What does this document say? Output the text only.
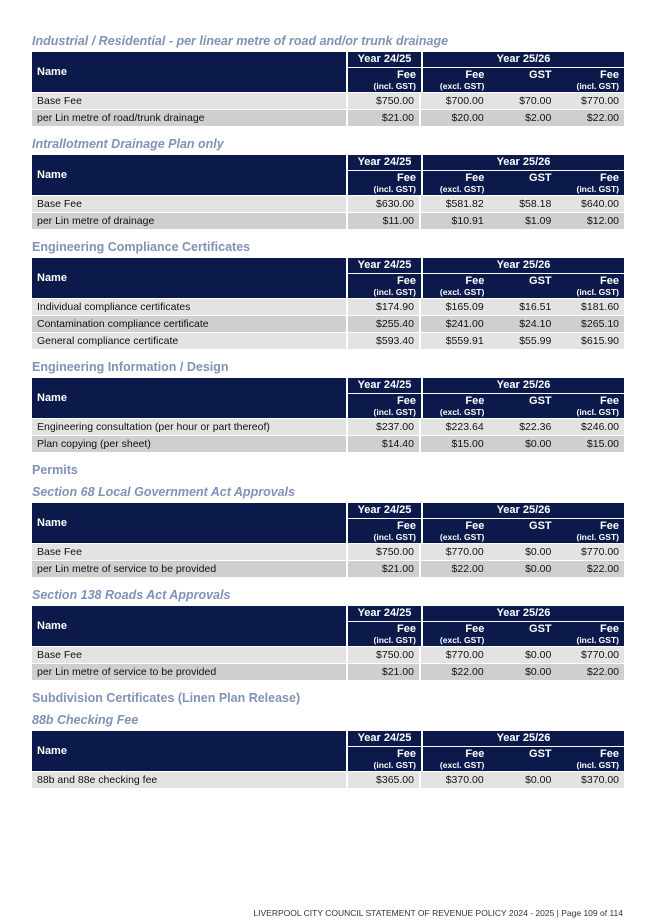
Industrial / Residential - per linear metre of road and/or trunk drainage
Name
Year 24/25
Fee
(incl. GST)
Year 25/26
Fee
(excl. GST)
GST	Fee
(incl. GST)
Base Fee	$750.00	$700.00	$70.00	$770.00
per Lin metre of road/trunk drainage	$21.00	$20.00	$2.00	$22.00
Intrallotment Drainage Plan only
Name
Year 24/25
Fee
(incl. GST)
Year 25/26
Fee
(excl. GST)
GST	Fee
(incl. GST)
Base Fee	$630.00	$581.82	$58.18	$640.00
per Lin metre of drainage	$11.00	$10.91	$1.09	$12.00
Engineering Compliance Certificates
Name
Year 24/25
Fee
(incl. GST)
Year 25/26
Fee
(excl. GST)
GST	Fee
(incl. GST)
Individual compliance certificates	$174.90	$165.09	$16.51	$181.60
Contamination compliance certificate	$255.40	$241.00	$24.10	$265.10
General compliance certificate	$593.40	$559.91	$55.99	$615.90
Engineering Information / Design
Name
Year 24/25
Fee
(incl. GST)
Year 25/26
Fee
(excl. GST)
GST	Fee
(incl. GST)
Engineering consultation (per hour or part thereof)	$237.00	$223.64	$22.36	$246.00
Plan copying (per sheet)	$14.40	$15.00	$0.00	$15.00
Permits
Section 68 Local Government Act Approvals
Name
Year 24/25
Fee
(incl. GST)
Year 25/26
Fee
(excl. GST)
GST	Fee
(incl. GST)
Base Fee	$750.00	$770.00	$0.00	$770.00
per Lin metre of service to be provided	$21.00	$22.00	$0.00	$22.00
Section 138 Roads Act Approvals
Name
Year 24/25
Fee
(incl. GST)
Year 25/26
Fee
(excl. GST)
GST	Fee
(incl. GST)
Base Fee	$750.00	$770.00	$0.00	$770.00
per Lin metre of service to be provided	$21.00	$22.00	$0.00	$22.00
Subdivision Certificates (Linen Plan Release)
88b Checking Fee
Name
Year 24/25
Fee
(incl. GST)
Year 25/26
Fee
(excl. GST)
GST	Fee
(incl. GST)
88b and 88e checking fee	$365.00	$370.00	$0.00	$370.00
LIVERPOOL CITY COUNCIL STATEMENT OF REVENUE POLICY 2024 - 2025 | Page 109 of 114
